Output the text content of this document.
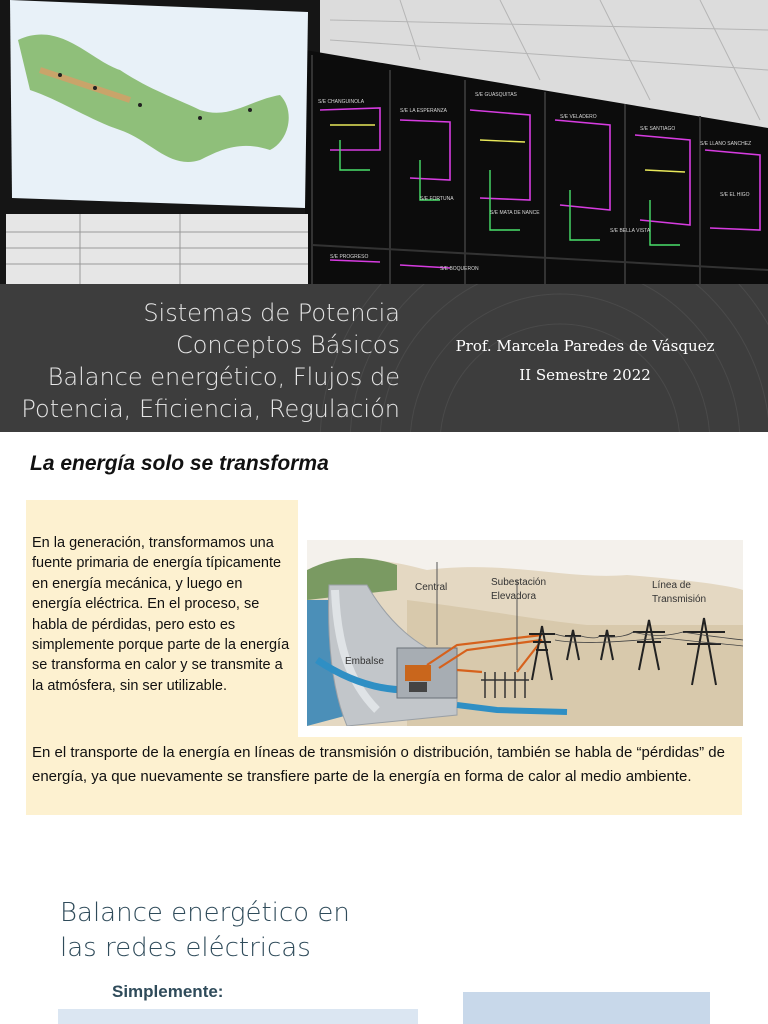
S/E CHANGUINOLA
S/E LA ESPERANZA
S/E GUASQUITAS
S/E VELADERO
S/E SANTIAGO
S/E FORTUNA
S/E MATA DE NANCE
S/E PROGRESO
S/E BOQUERON
S/E BELLA VISTA
S/E EL HIGO
S/E LLANO SANCHEZ
Sistemas de Potencia
Conceptos Básicos
Balance energético, Flujos de
Potencia, Eficiencia, Regulación
Prof. Marcela Paredes de Vásquez
II Semestre 2022
La energía solo se transforma

En la generación, transformamos una fuente primaria de energía típicamente en energía mecánica, y luego en energía eléctrica. En el proceso, se habla de pérdidas, pero esto es simplemente porque parte de la energía se transforma en calor y se transmite a la atmósfera, sin ser utilizable.

Central	Subestación
Elevadora
Línea de
Transmisión
Embalse

En el transporte de la energía en líneas de transmisión o distribución, también se habla de “pérdidas” de energía, ya que nuevamente se transfiere parte de la energía en forma de calor al medio ambiente.

Balance energético en
las redes eléctricas
Simplemente:
